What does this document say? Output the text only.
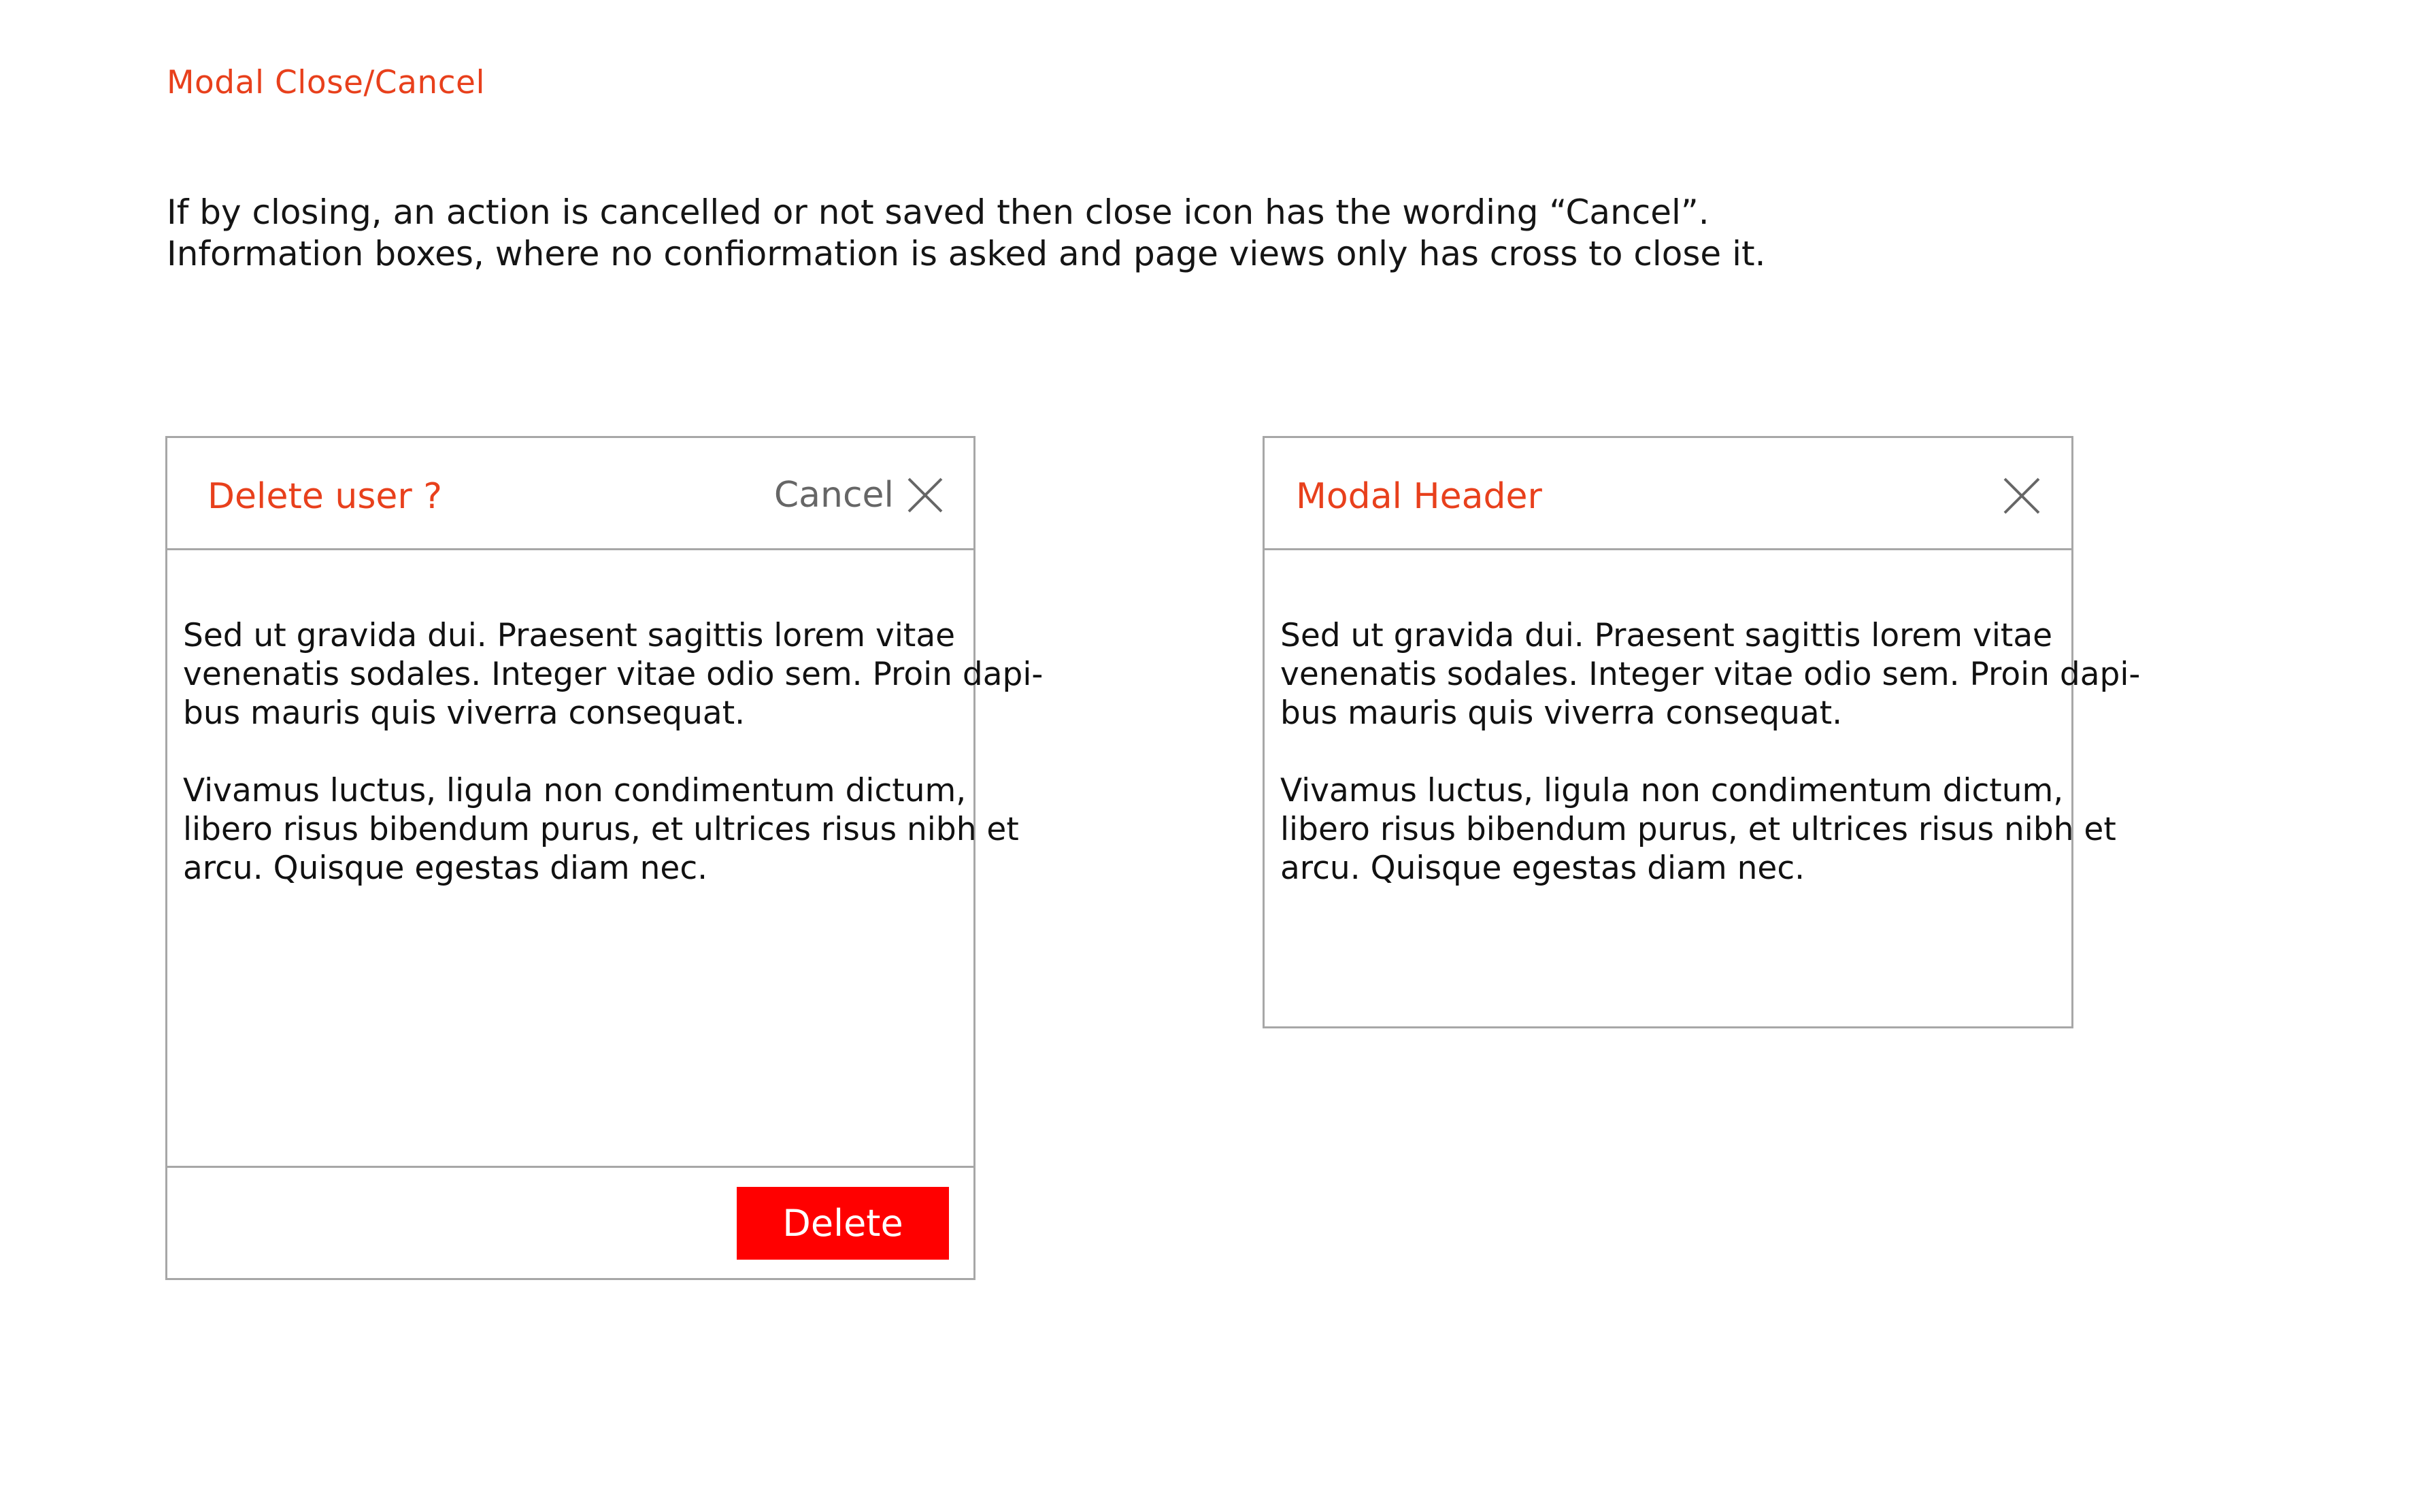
Modal Close/Cancel

If by closing, an action is cancelled or not saved then close icon has the wording “Cancel”.

Information boxes, where no confiormation is asked and page views only has cross to close it.

Delete user ?	Cancel

Sed ut gravida dui. Praesent sagittis lorem vitae
venenatis sodales. Integer vitae odio sem. Proin dapi-
bus mauris quis viverra consequat.

Vivamus luctus, ligula non condimentum dictum,
libero risus bibendum purus, et ultrices risus nibh et
arcu. Quisque egestas diam nec.

Delete
Modal Header

Sed ut gravida dui. Praesent sagittis lorem vitae
venenatis sodales. Integer vitae odio sem. Proin dapi-
bus mauris quis viverra consequat.

Vivamus luctus, ligula non condimentum dictum,
libero risus bibendum purus, et ultrices risus nibh et
arcu. Quisque egestas diam nec.
